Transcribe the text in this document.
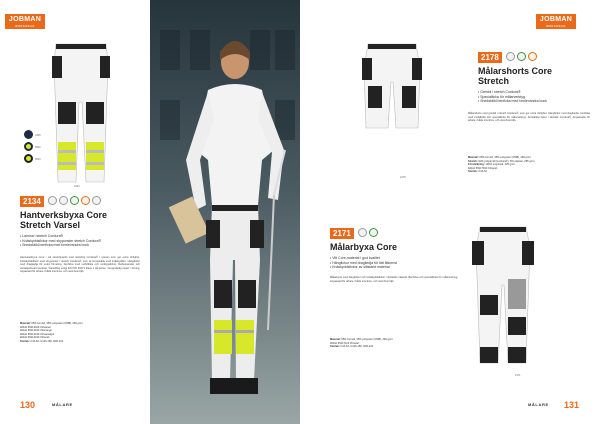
JOBMAN
WORKWEAR
3100
6300
6500
2134
2134
Hantverksbyxa Core
Stretch Varsel
• Lamina i stretch Cordura®
• Knäskyddsfickor med skyponster stretch Cordura®
• Snedställd benficka med fomlevandra bock

Hantverksbyxa Core i vitt stretchpoplin med stretchig Cordura® i grenen som ger extra rörlighet. Knäskyddsfickor med skyponster i stretch Cordura®, som är kompatibla med knäskydden. Hängfickor med dragkedja för extra förvaring, benficka med mobilficka och verktygsfickor. Reflexpaneler och varselgul/svart kontrast. Varselfärg enligt EN ISO 20471 klass 1 på benen. Greppvänlig zipper i linning. Anpassad för arbete i både inomhus- och utomhusmiljö.

Material: 65% bomull, 35% polyester (CMB), 260 g/m²
Art nr 65213420 Vit/varsel
Art nr 65213420 Vit/orange
Art nr 65213430 Vit/varselgul
Art nr 65213440 Vit/svart
Storlek: C44-62, C146-156, D96-120
130	MÅLARE
JOBMAN
WORKWEAR
2178
2178
Målarshorts Core
Stretch
• Grenkil i stretch Cordura®
• Specialficka för målarverktyg
• Snedställd benficka med fomlevandra bock

Målarshorts med grenkil i stretch Cordura®, som ger extra rörlighet. Hängfickor med dragkedja, benficka med mobilficka och specialficka för målarverktyg. Förstärkta fickor i slitstark Cordura®. Anpassade för arbete i både inomhus- och utomhusmiljö.

Material: 65% bomull, 35% polyester (CMB), 260 g/m²
Stretch: 92% polyamid (Cordura®), 8% elastan, 295 g/m²
Förstärkning: 100% polyamid, 225 g/m²
Art nr 65217810 Vit/svart
Storlek: C44-62
2171
Målarbyxa Core
• Vitt Core-material i god kvalitet
• Hängfickor med dragkedja för lätt åtkomst
• Knäskyddsfickor av slitstarkt material

Målarbyxa med hängfickor och knäskyddsfickor i slitstarkt material. Benficka och specialficka för målarverktyg. Anpassad för arbete i både inomhus- och utomhusmiljö.

Material: 65% bomull, 35% polyester (CMB), 260 g/m²
Art nr 65217110 Vit/svart
Storlek: C44-62, C146-156, D96-120
2171
MÅLARE 131
